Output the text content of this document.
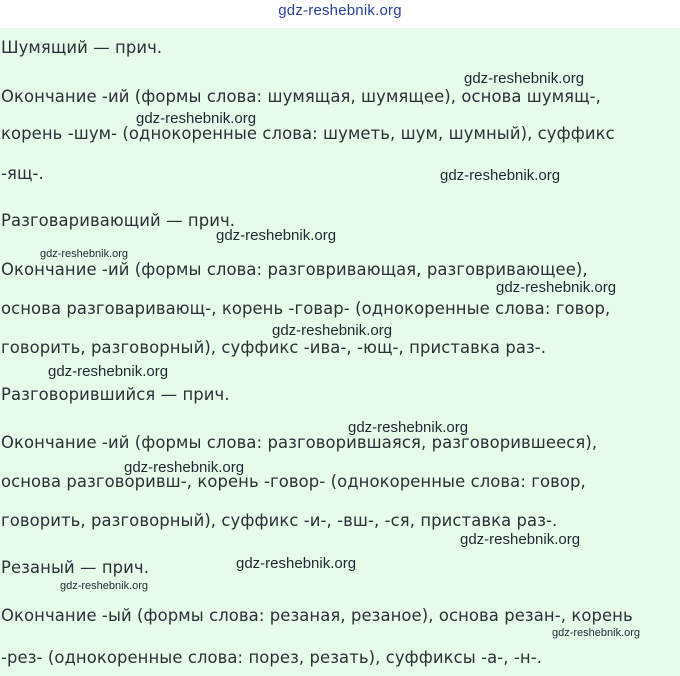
gdz-reshebnik.org
Шумящий — прич.
Окончание -ий (формы слова: шумящая, шумящее), основа шумящ-,
корень -шум- (однокоренные слова: шуметь, шум, шумный), суффикс
-ящ-.
Разговаривающий — прич.
Окончание -ий (формы слова: разговривающая, разговривающее),
основа разговаривающ-, корень -говар- (однокоренные слова: говор,
говорить, разговорный), суффикс -ива-, -ющ-, приставка раз-.
Разговорившийся — прич.
Окончание -ий (формы слова: разговорившаяся, разговорившееся),
основа разговоривш-, корень -говор- (однокоренные слова: говор,
говорить, разговорный), суффикс -и-, -вш-, -ся, приставка раз-.
Резаный — прич.
Окончание -ый (формы слова: резаная, резаное), основа резан-, корень
-рез- (однокоренные слова: порез, резать), суффиксы -а-, -н-.
gdz-reshebnik.org
gdz-reshebnik.org
gdz-reshebnik.org
gdz-reshebnik.org
gdz-reshebnik.org
gdz-reshebnik.org
gdz-reshebnik.org
gdz-reshebnik.org
gdz-reshebnik.org
gdz-reshebnik.org
gdz-reshebnik.org
gdz-reshebnik.org
gdz-reshebnik.org
gdz-reshebnik.org
